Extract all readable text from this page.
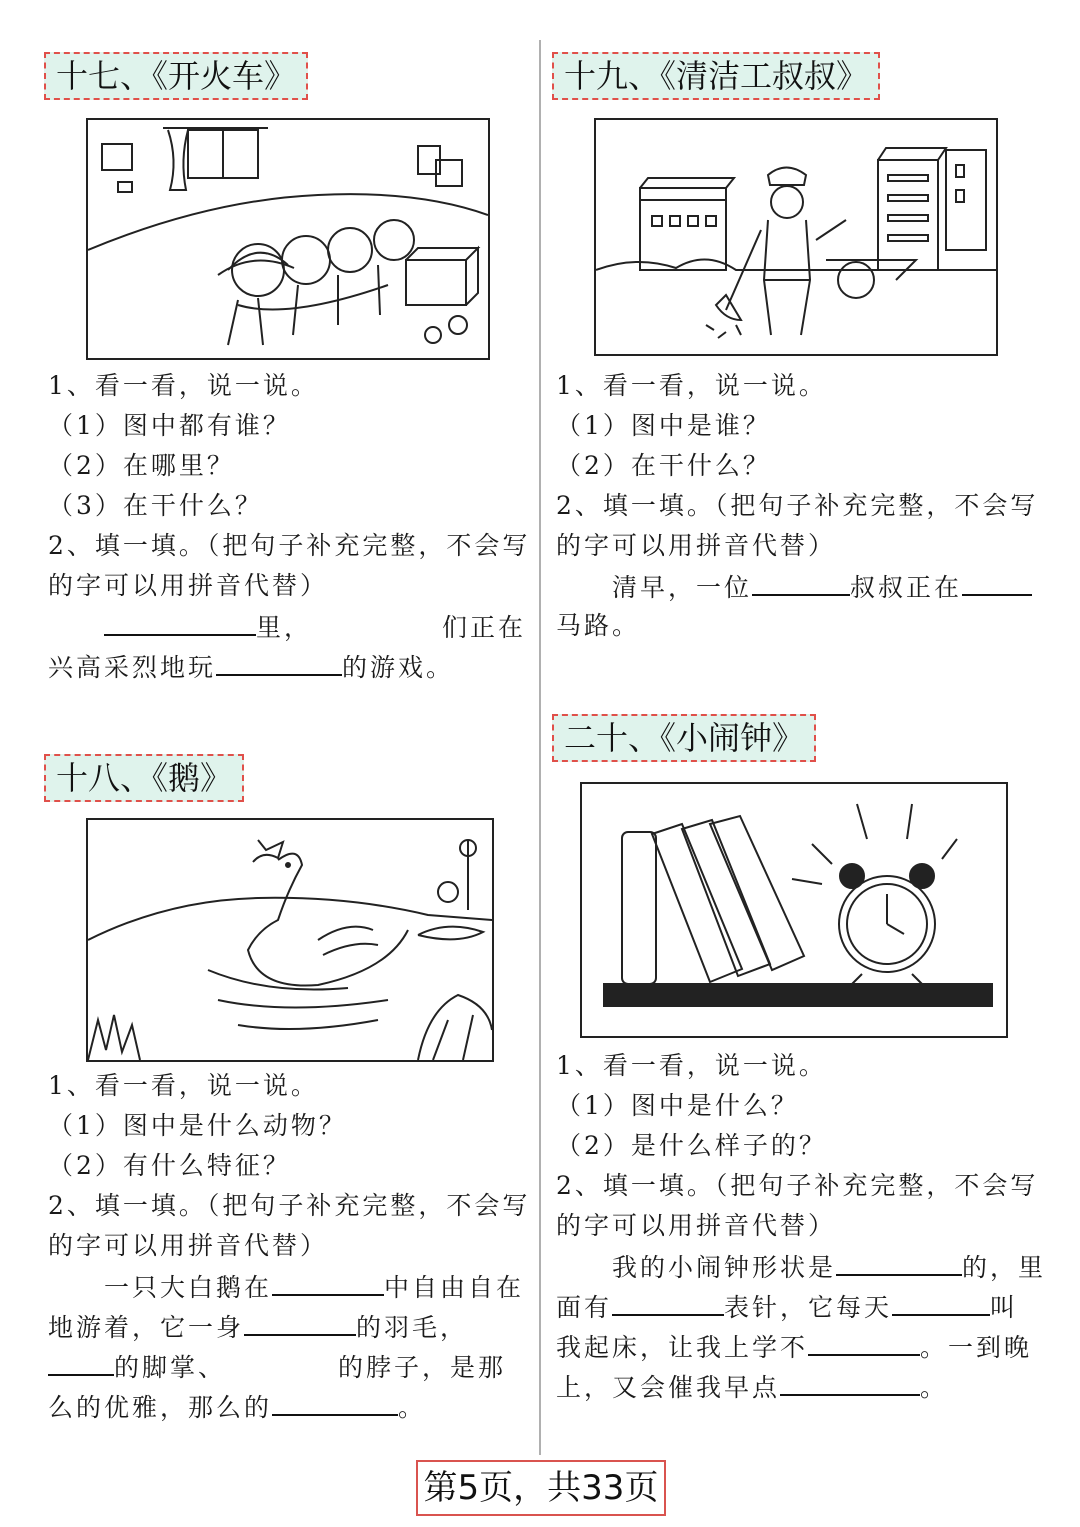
十七、《开火车》
1、看一看，说一说。
（1）图中都有谁？
（2）在哪里？
（3）在干什么？
2、填一填。（把句子补充完整，不会写
的字可以用拼音代替）
里，	们正在
兴高采烈地玩	的游戏。
十八、《鹅》
1、看一看，说一说。
（1）图中是什么动物？
（2）有什么特征？
2、填一填。（把句子补充完整，不会写
的字可以用拼音代替）
一只大白鹅在	中自由自在
地游着，它一身	的羽毛，
的脚掌、	的脖子，是那
么的优雅，那么的	。
十九、《清洁工叔叔》
1、看一看，说一说。
（1）图中是谁？
（2）在干什么？
2、填一填。（把句子补充完整，不会写
的字可以用拼音代替）
清早，一位	叔叔正在
马路。
二十、《小闹钟》
1、看一看，说一说。
（1）图中是什么？
（2）是什么样子的？
2、填一填。（把句子补充完整，不会写
的字可以用拼音代替）
我的小闹钟形状是	的，里
面有	表针，它每天	叫
我起床，让我上学不	。一到晚
上，又会催我早点	。
第5页，共33页
